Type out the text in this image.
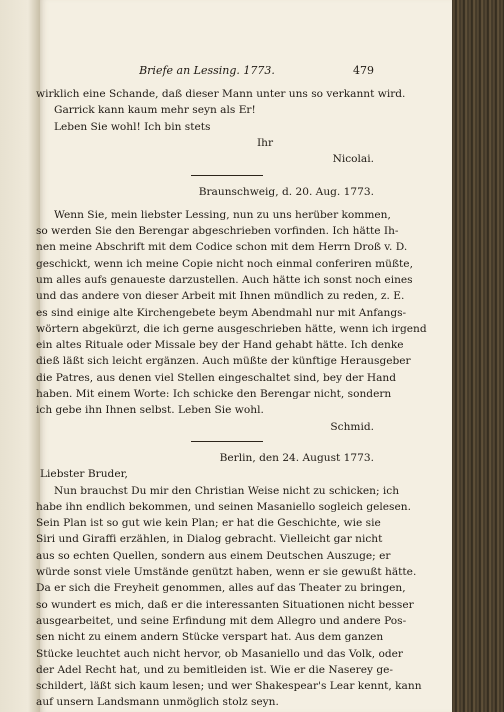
Briefe an Lessing. 1773.	479
wirklich eine Schande, daß dieser Mann unter uns so verkannt wird.
Garrick kann kaum mehr seyn als Er!
Leben Sie wohl! Ich bin stets
Ihr
Nicolai.
Braunschweig, d. 20. Aug. 1773.
Wenn Sie, mein liebster Lessing, nun zu uns herüber kommen,
so werden Sie den Berengar abgeschrieben vorfinden. Ich hätte Ih-
nen meine Abschrift mit dem Codice schon mit dem Herrn Droß v. D.
geschickt, wenn ich meine Copie nicht noch einmal conferiren müßte,
um alles aufs genaueste darzustellen. Auch hätte ich sonst noch eines
und das andere von dieser Arbeit mit Ihnen mündlich zu reden, z. E.
es sind einige alte Kirchengebete beym Abendmahl nur mit Anfangs-
wörtern abgekürzt, die ich gerne ausgeschrieben hätte, wenn ich irgend
ein altes Rituale oder Missale bey der Hand gehabt hätte. Ich denke
dieß läßt sich leicht ergänzen. Auch müßte der künftige Herausgeber
die Patres, aus denen viel Stellen eingeschaltet sind, bey der Hand
haben. Mit einem Worte: Ich schicke den Berengar nicht, sondern
ich gebe ihn Ihnen selbst. Leben Sie wohl.
Schmid.
Berlin, den 24. August 1773.
Liebster Bruder,
Nun brauchst Du mir den Christian Weise nicht zu schicken; ich
habe ihn endlich bekommen, und seinen Masaniello sogleich gelesen.
Sein Plan ist so gut wie kein Plan; er hat die Geschichte, wie sie
Siri und Giraffi erzählen, in Dialog gebracht. Vielleicht gar nicht
aus so echten Quellen, sondern aus einem Deutschen Auszuge; er
würde sonst viele Umstände genützt haben, wenn er sie gewußt hätte.
Da er sich die Freyheit genommen, alles auf das Theater zu bringen,
so wundert es mich, daß er die interessanten Situationen nicht besser
ausgearbeitet, und seine Erfindung mit dem Allegro und andere Pos-
sen nicht zu einem andern Stücke verspart hat. Aus dem ganzen
Stücke leuchtet auch nicht hervor, ob Masaniello und das Volk, oder
der Adel Recht hat, und zu bemitleiden ist. Wie er die Naserey ge-
schildert, läßt sich kaum lesen; und wer Shakespear's Lear kennt, kann
auf unsern Landsmann unmöglich stolz seyn.
